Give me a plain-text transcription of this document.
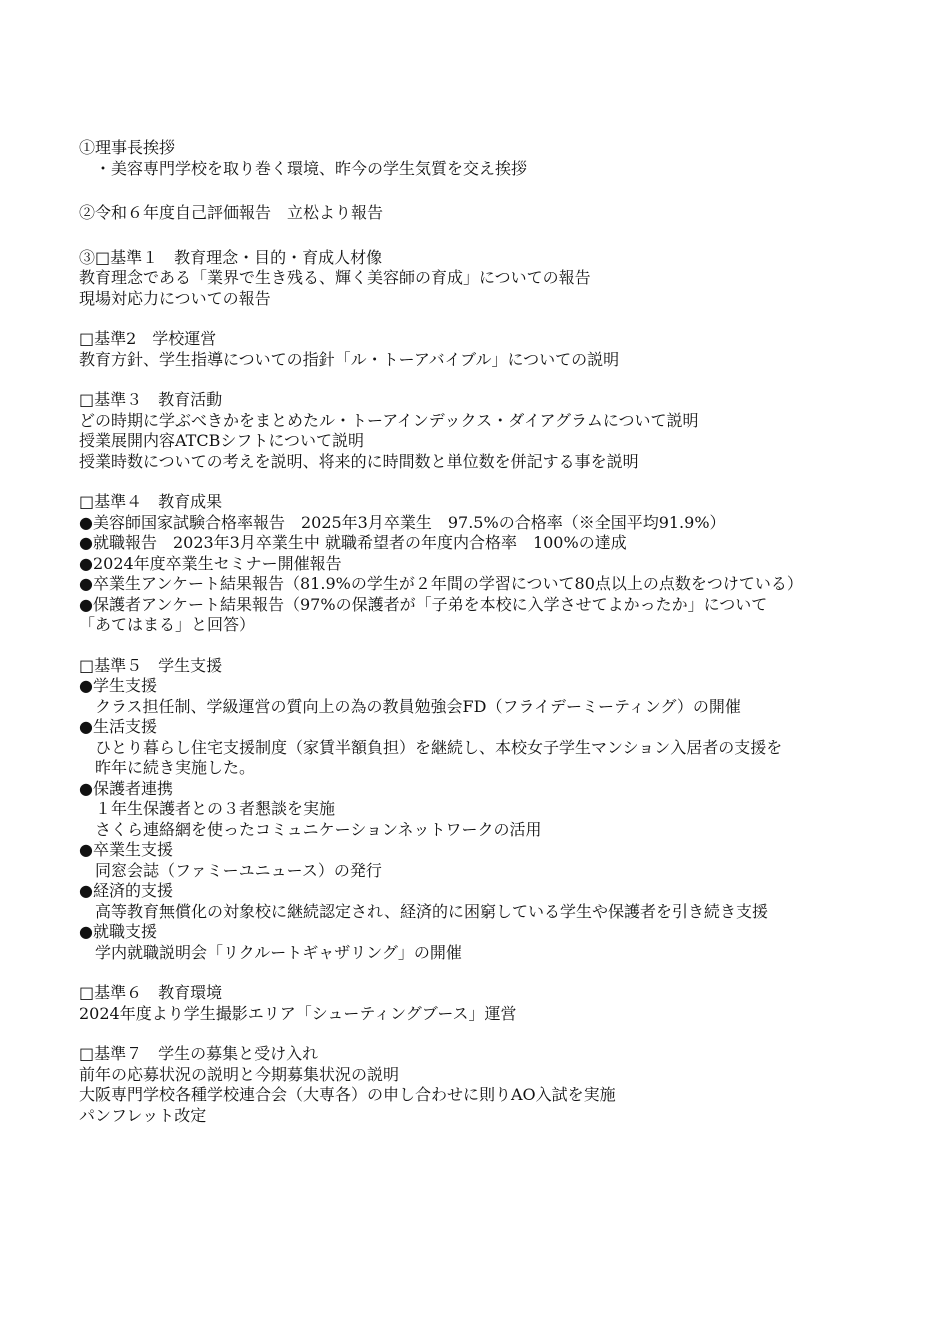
①理事長挨拶
・美容専門学校を取り巻く環境、昨今の学生気質を交え挨拶
②令和６年度自己評価報告　立松より報告
③□基準１　教育理念・目的・育成人材像
教育理念である「業界で生き残る、輝く美容師の育成」についての報告
現場対応力についての報告
□基準2　学校運営
教育方針、学生指導についての指針「ル・トーアバイブル」についての説明
□基準３　教育活動
どの時期に学ぶべきかをまとめたル・トーアインデックス・ダイアグラムについて説明
授業展開内容ATCBシフトについて説明
授業時数についての考えを説明、将来的に時間数と単位数を併記する事を説明
□基準４　教育成果
●美容師国家試験合格率報告　2025年3月卒業生　97.5%の合格率（※全国平均91.9%）
●就職報告　2023年3月卒業生中 就職希望者の年度内合格率　100%の達成
●2024年度卒業生セミナー開催報告
●卒業生アンケート結果報告（81.9%の学生が２年間の学習について80点以上の点数をつけている）
●保護者アンケート結果報告（97%の保護者が「子弟を本校に入学させてよかったか」について
「あてはまる」と回答）
□基準５　学生支援
●学生支援
クラス担任制、学級運営の質向上の為の教員勉強会FD（フライデーミーティング）の開催
●生活支援
ひとり暮らし住宅支援制度（家賃半額負担）を継続し、本校女子学生マンション入居者の支援を
昨年に続き実施した。
●保護者連携
１年生保護者との３者懇談を実施
さくら連絡網を使ったコミュニケーションネットワークの活用
●卒業生支援
同窓会誌（ファミーユニュース）の発行
●経済的支援
高等教育無償化の対象校に継続認定され、経済的に困窮している学生や保護者を引き続き支援
●就職支援
学内就職説明会「リクルートギャザリング」の開催
□基準６　教育環境
2024年度より学生撮影エリア「シューティングブース」運営
□基準７　学生の募集と受け入れ
前年の応募状況の説明と今期募集状況の説明
大阪専門学校各種学校連合会（大専各）の申し合わせに則りAO入試を実施
パンフレット改定
